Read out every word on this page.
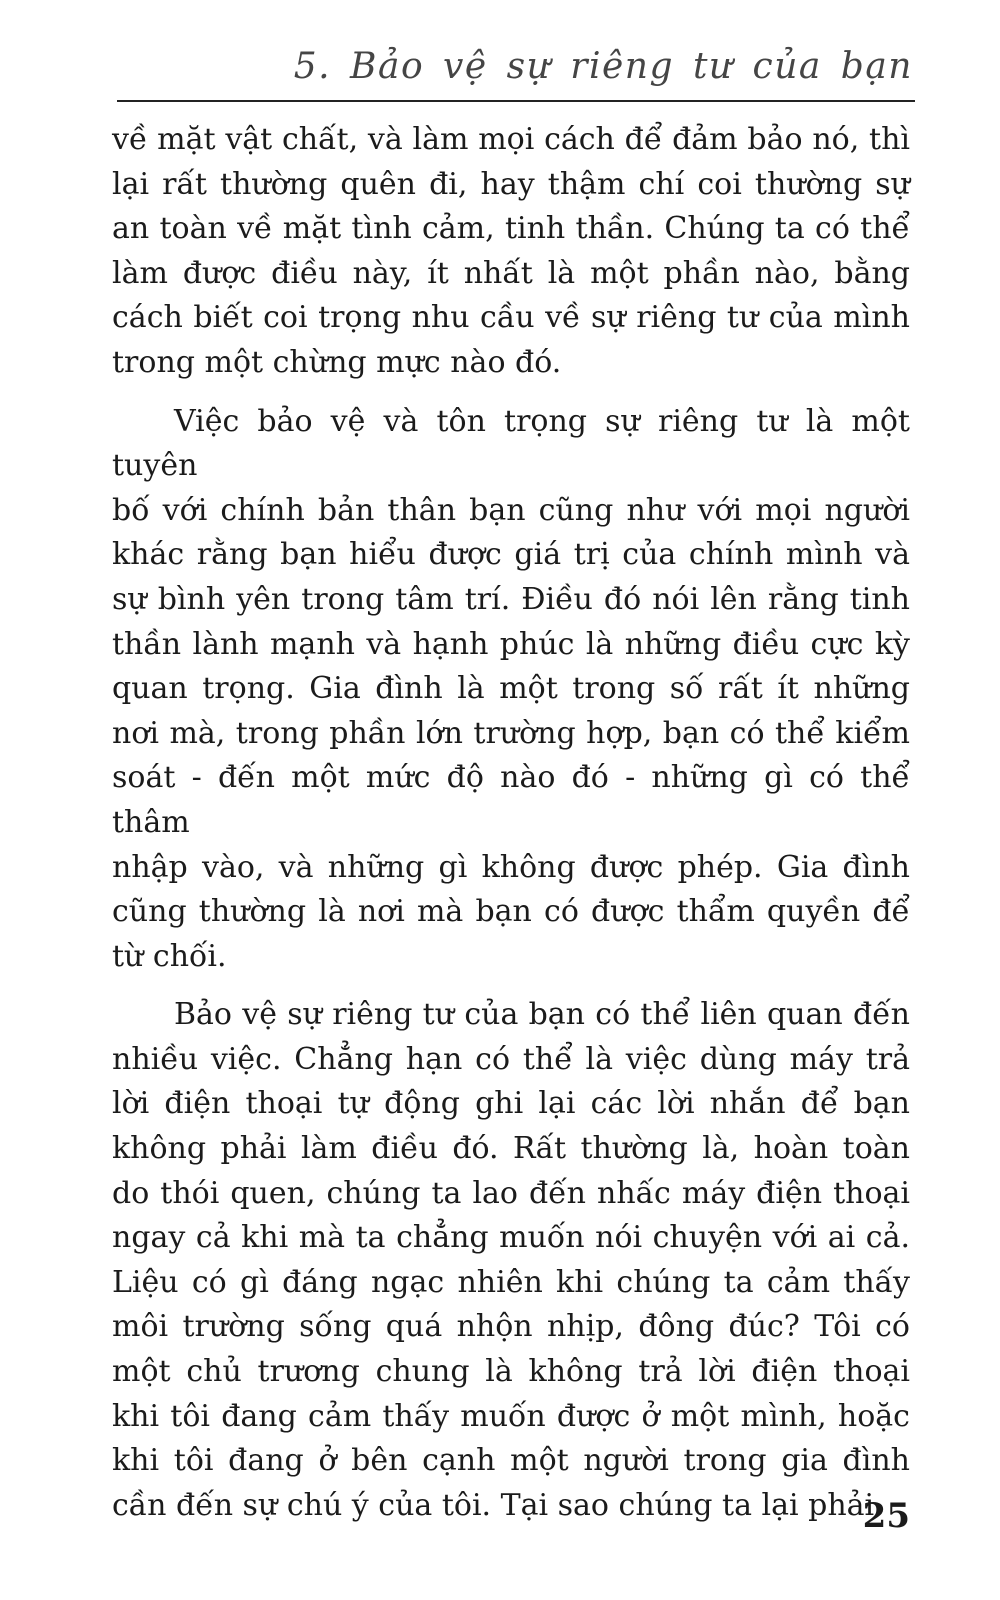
5. Bảo vệ sự riêng tư của bạn
về mặt vật chất, và làm mọi cách để đảm bảo nó, thì
lại rất thường quên đi, hay thậm chí coi thường sự
an toàn về mặt tình cảm, tinh thần. Chúng ta có thể
làm được điều này, ít nhất là một phần nào, bằng
cách biết coi trọng nhu cầu về sự riêng tư của mình
trong một chừng mực nào đó.
Việc bảo vệ và tôn trọng sự riêng tư là một tuyên
bố với chính bản thân bạn cũng như với mọi người
khác rằng bạn hiểu được giá trị của chính mình và
sự bình yên trong tâm trí. Điều đó nói lên rằng tinh
thần lành mạnh và hạnh phúc là những điều cực kỳ
quan trọng. Gia đình là một trong số rất ít những
nơi mà, trong phần lớn trường hợp, bạn có thể kiểm
soát - đến một mức độ nào đó - những gì có thể thâm
nhập vào, và những gì không được phép. Gia đình
cũng thường là nơi mà bạn có được thẩm quyền để
từ chối.
Bảo vệ sự riêng tư của bạn có thể liên quan đến
nhiều việc. Chẳng hạn có thể là việc dùng máy trả
lời điện thoại tự động ghi lại các lời nhắn để bạn
không phải làm điều đó. Rất thường là, hoàn toàn
do thói quen, chúng ta lao đến nhấc máy điện thoại
ngay cả khi mà ta chẳng muốn nói chuyện với ai cả.
Liệu có gì đáng ngạc nhiên khi chúng ta cảm thấy
môi trường sống quá nhộn nhịp, đông đúc? Tôi có
một chủ trương chung là không trả lời điện thoại
khi tôi đang cảm thấy muốn được ở một mình, hoặc
khi tôi đang ở bên cạnh một người trong gia đình
cần đến sự chú ý của tôi. Tại sao chúng ta lại phải
25
